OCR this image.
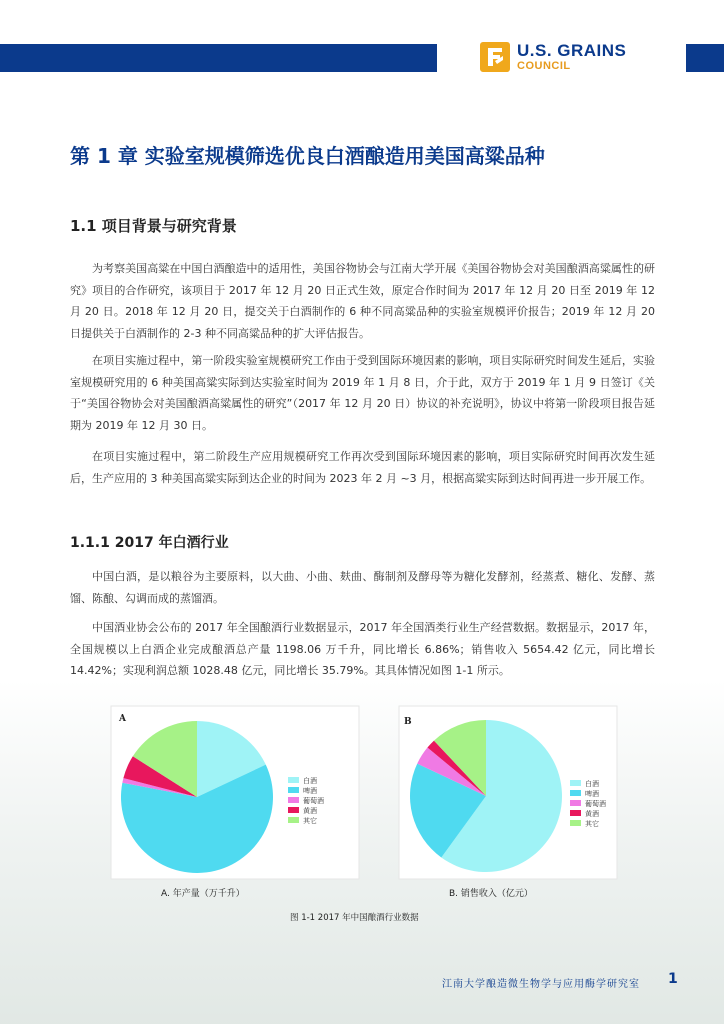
U.S. GRAINS
COUNCIL
第 1 章 实验室规模筛选优良白酒酿造用美国高粱品种
1.1 项目背景与研究背景

为考察美国高粱在中国白酒酿造中的适用性，美国谷物协会与江南大学开展《美国谷物协会对美国酿酒高粱属性的研究》项目的合作研究，该项目于 2017 年 12 月 20 日正式生效，原定合作时间为 2017 年 12 月 20 日至 2019 年 12 月 20 日。2018 年 12 月 20 日，提交关于白酒制作的 6 种不同高粱品种的实验室规模评价报告；2019 年 12 月 20 日提供关于白酒制作的 2-3 种不同高粱品种的扩大评估报告。

在项目实施过程中，第一阶段实验室规模研究工作由于受到国际环境因素的影响，项目实际研究时间发生延后，实验室规模研究用的 6 种美国高粱实际到达实验室时间为 2019 年 1 月 8 日，介于此，双方于 2019 年 1 月 9 日签订《关于“美国谷物协会对美国酿酒高粱属性的研究”（2017 年 12 月 20 日）协议的补充说明》，协议中将第一阶段项目报告延期为 2019 年 12 月 30 日。

在项目实施过程中，第二阶段生产应用规模研究工作再次受到国际环境因素的影响，项目实际研究时间再次发生延后，生产应用的 3 种美国高粱实际到达企业的时间为 2023 年 2 月 ~3 月，根据高粱实际到达时间再进一步开展工作。

1.1.1 2017 年白酒行业

中国白酒，是以粮谷为主要原料，以大曲、小曲、麸曲、酶制剂及酵母等为糖化发酵剂，经蒸煮、糖化、发酵、蒸馏、陈酿、勾调而成的蒸馏酒。

中国酒业协会公布的 2017 年全国酿酒行业数据显示，2017 年全国酒类行业生产经营数据。数据显示，2017 年，全国规模以上白酒企业完成酿酒总产量 1198.06 万千升，同比增长 6.86%；销售收入 5654.42 亿元，同比增长 14.42%；实现利润总额 1028.48 亿元，同比增长 35.79%。其具体情况如图 1-1 所示。

A
白酒
啤酒
葡萄酒
黄酒
其它
B
白酒
啤酒
葡萄酒
黄酒
其它
A. 年产量（万千升）	B. 销售收入（亿元）
图 1-1 2017 年中国酿酒行业数据
江南大学酿造微生物学与应用酶学研究室 1
